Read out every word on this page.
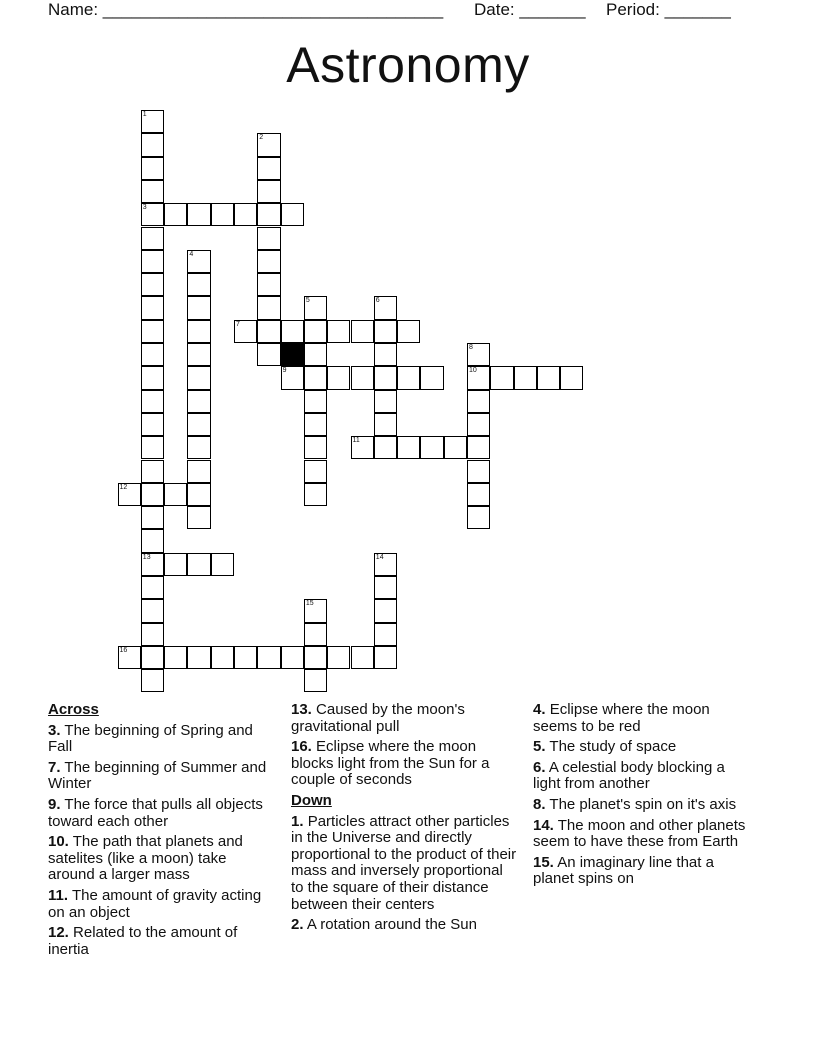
Name: ____________________________________ Date: _______ Period: _______
Astronomy
1
3
13
2
4
5	6
7
8
10
9
11
12
14
15
16
Across
3. The beginning of Spring and Fall
7. The beginning of Summer and Winter
9. The force that pulls all objects toward each other
10. The path that planets and satelites (like a moon) take around a larger mass
11. The amount of gravity acting on an object
12. Related to the amount of inertia
13. Caused by the moon's gravitational pull
16. Eclipse where the moon blocks light from the Sun for a couple of seconds
Down
1. Particles attract other particles in the Universe and directly proportional to the product of their mass and inversely proportional to the square of their distance between their centers
2. A rotation around the Sun
4. Eclipse where the moon seems to be red
5. The study of space
6. A celestial body blocking a light from another
8. The planet's spin on it's axis
14. The moon and other planets seem to have these from Earth
15. An imaginary line that a planet spins on
